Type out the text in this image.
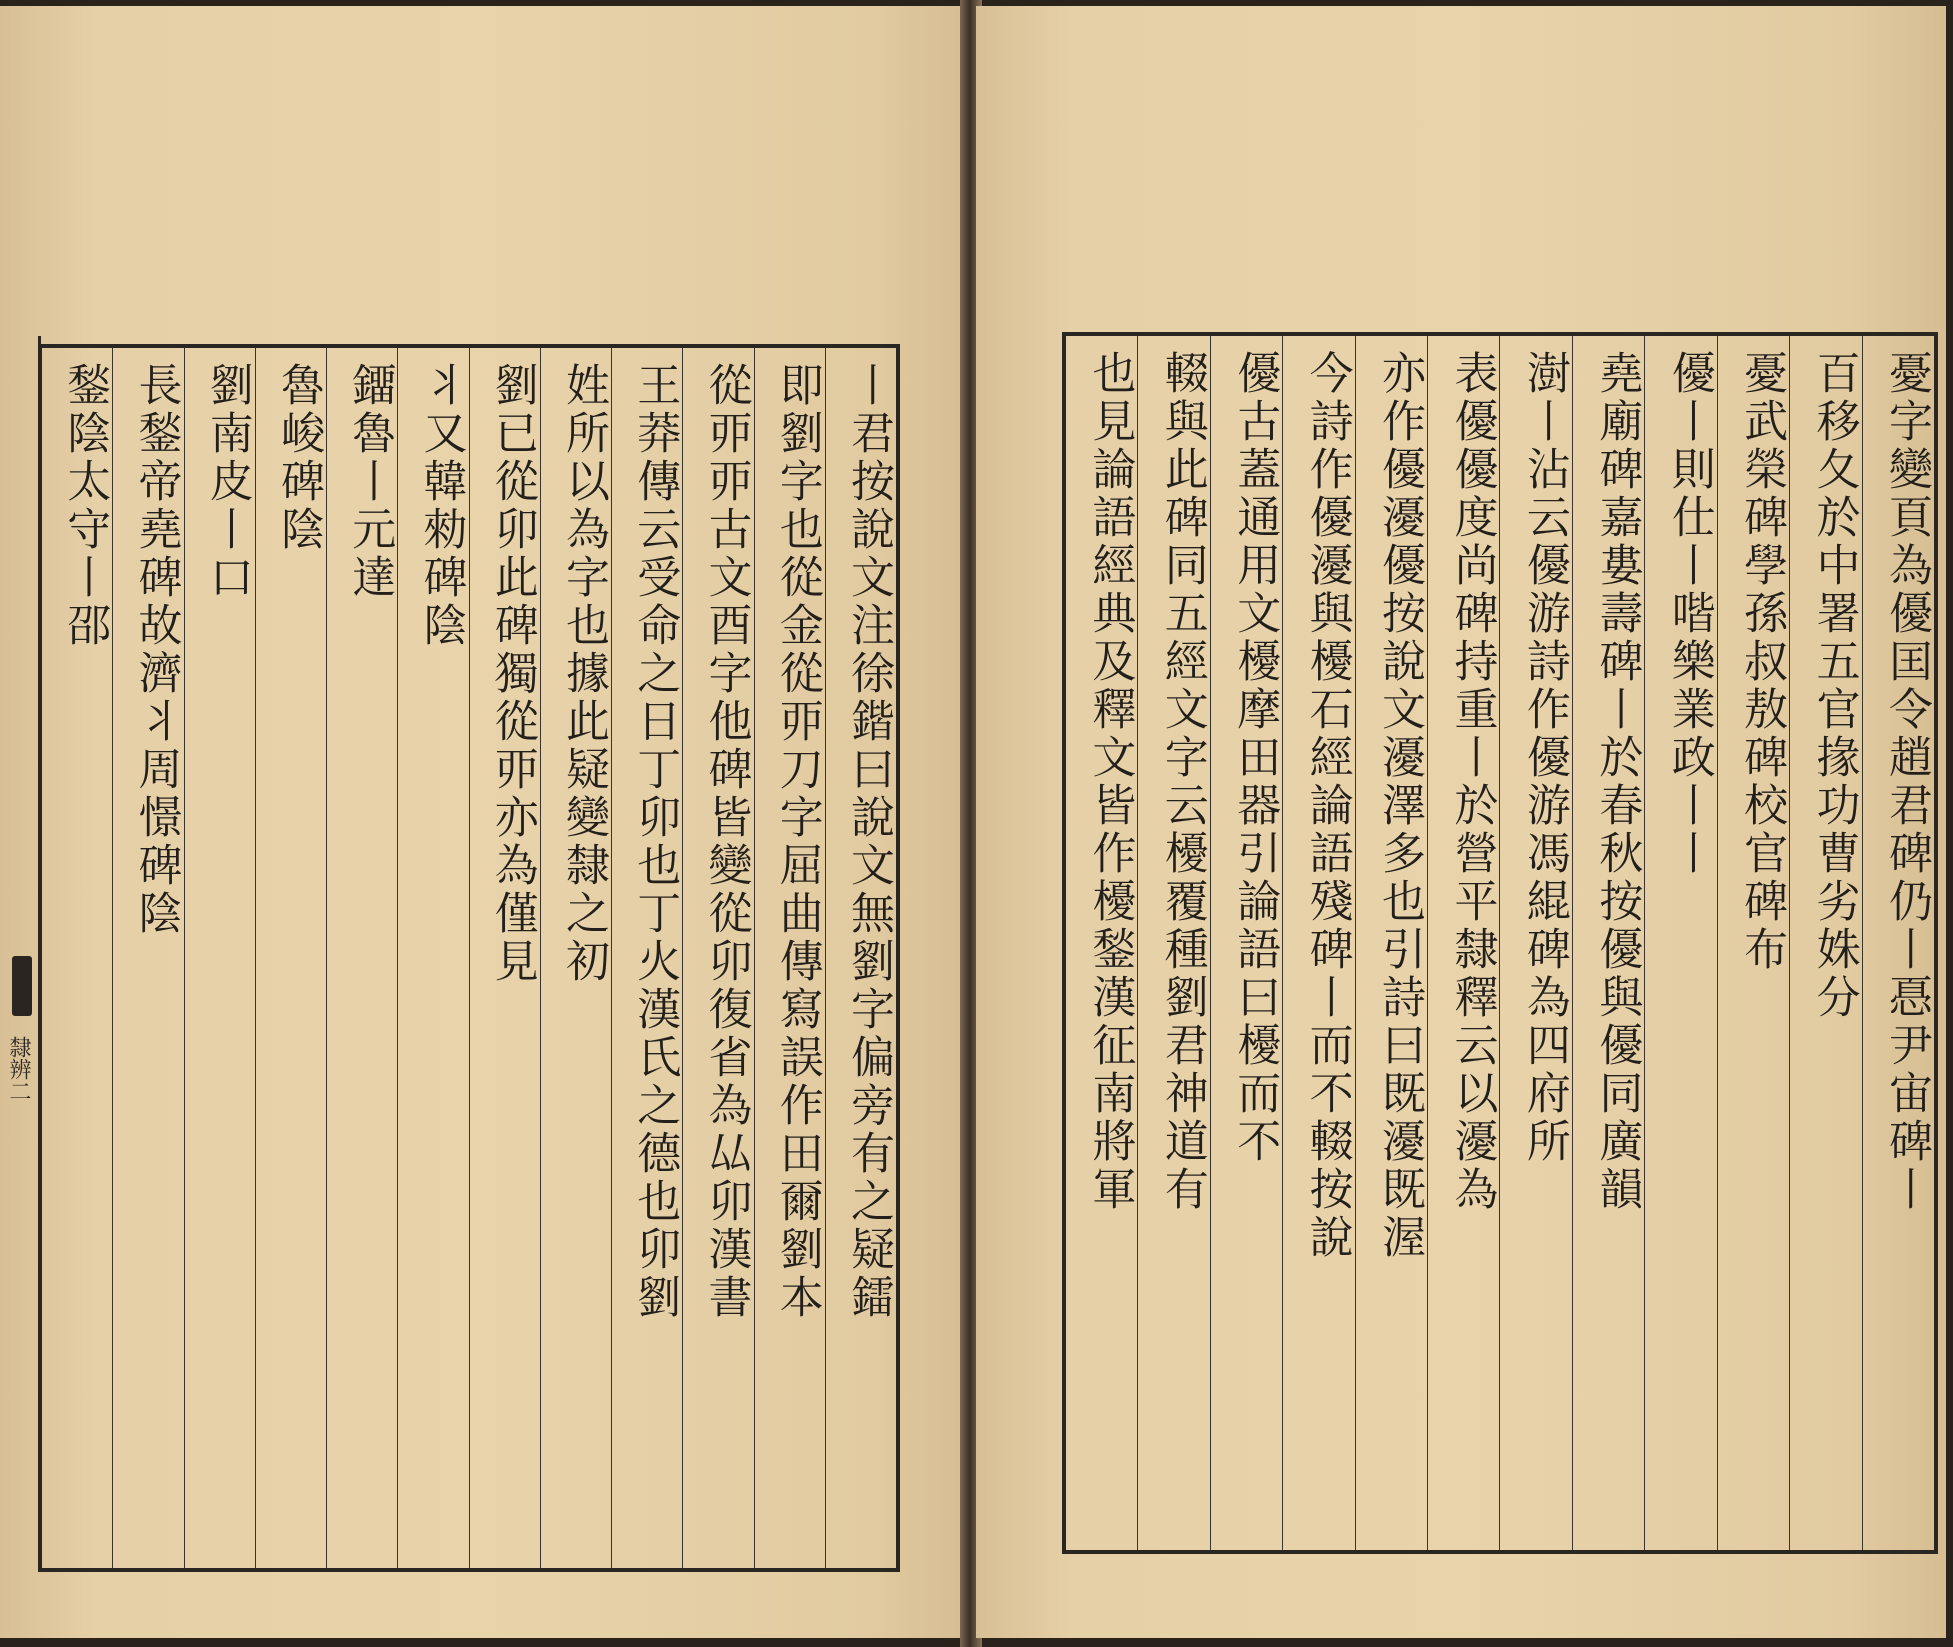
隸辨二	丨君按說文注徐鍇曰說文無劉字偏旁有之疑鐳
即劉字也從金從丣刀字屈曲傳寫誤作田爾劉本
從丣丣古文酉字他碑皆變從卯復省為厸卯漢書
王莽傳云受命之日丁卯也丁火漢氏之德也卯劉
姓所以為字也據此疑變隸之初
劉已從卯此碑獨從丣亦為僅見
丬又韓勑碑陰
鐂魯丨元達
魯峻碑陰
劉南皮丨口
長鍫帝堯碑故濟丬周憬碑陰
鍫陰太守丨邵	憂字變頁為優囯令趙君碑仍丨㥑尹宙碑丨
百移夂於中署五官掾功曹劣姝分
憂武榮碑學孫叔敖碑校官碑布
優丨則仕丨喈樂業政丨丨
堯廟碑嘉婁壽碑丨於春秋按優與優同廣韻
澍丨沾云優游詩作優游馮緄碑為四府所
表優優度尚碑持重丨於營平隸釋云以瀀為
亦作優瀀優按說文瀀澤多也引詩曰既瀀既渥
今詩作優瀀與櫌石經論語殘碑丨而不輟按說
優古蓋通用文櫌摩田器引論語曰櫌而不
輟與此碑同五經文字云櫌覆種劉君神道有
也見論語經典及釋文皆作櫌鍫漢征南將軍
